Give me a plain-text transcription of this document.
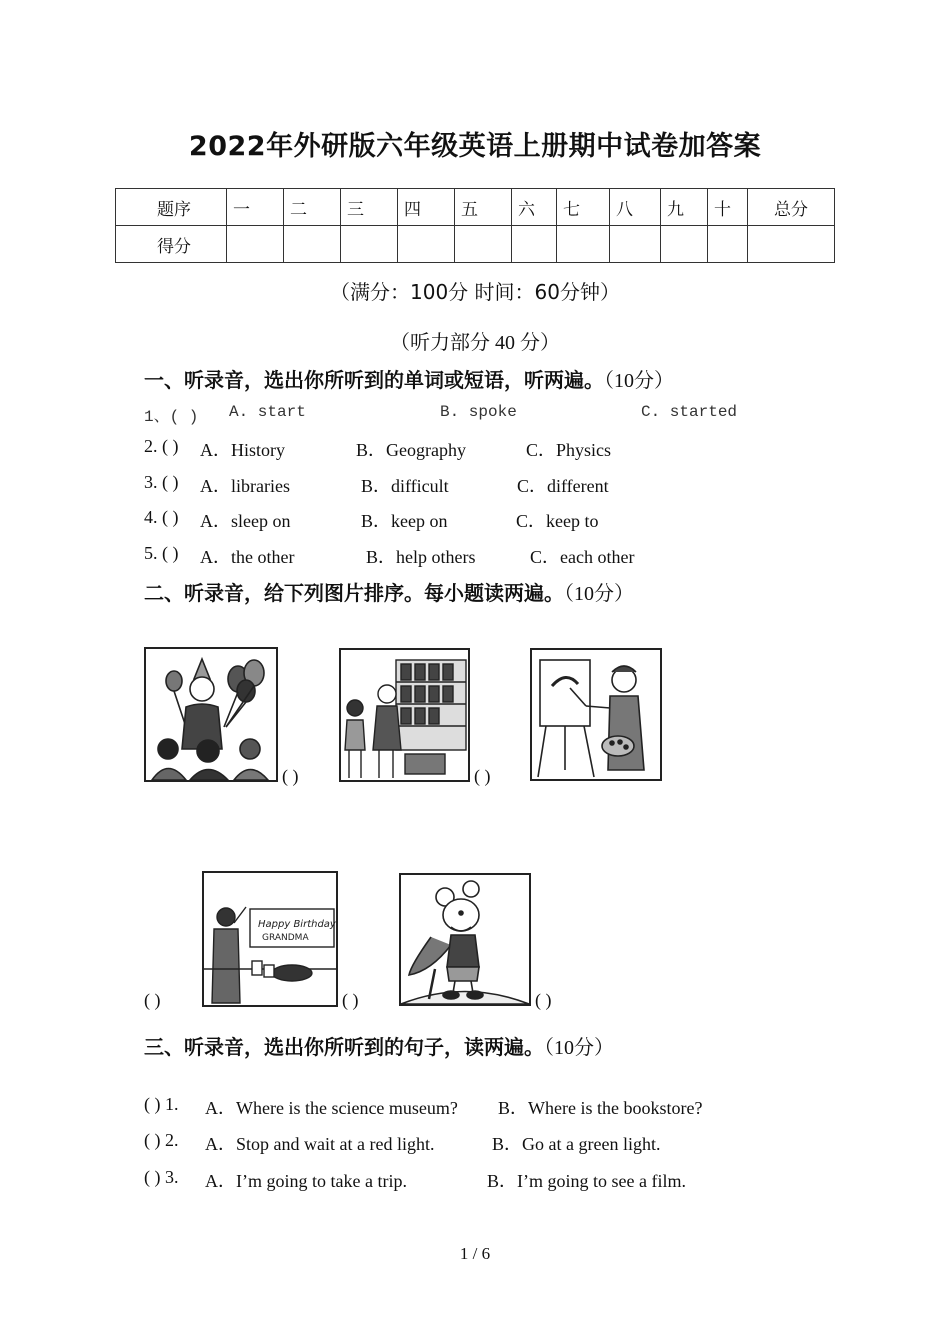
2022年外研版六年级英语上册期中试卷加答案
题序	一	二	三	四	五	六	七	八	九	十	总分
得分											
（满分：100分 时间：60分钟）
（听力部分 40 分）
一、听录音，选出你所听到的单词或短语，听两遍。（10分）
1、( ) A. start	B. spoke	C. started
2. ( ) A．History	B．Geography	C．Physics
3. ( ) A．libraries	B．difficult	C．different
4. ( ) A．sleep on	B．keep on	C．keep to
5. ( ) A．the other	B．help others	C．each other
二、听录音，给下列图片排序。每小题读两遍。（10分）
( )	( )
( )
Happy Birthday
GRANDMA
( )	( )
三、听录音，选出你所听到的句子，读两遍。（10分）
( ) 1. A．Where is the science museum? B．Where is the bookstore?
( ) 2. A．Stop and wait at a red light.	B．Go at a green light.
( ) 3. A．I’m going to take a trip.	B．I’m going to see a film.
1 / 6
